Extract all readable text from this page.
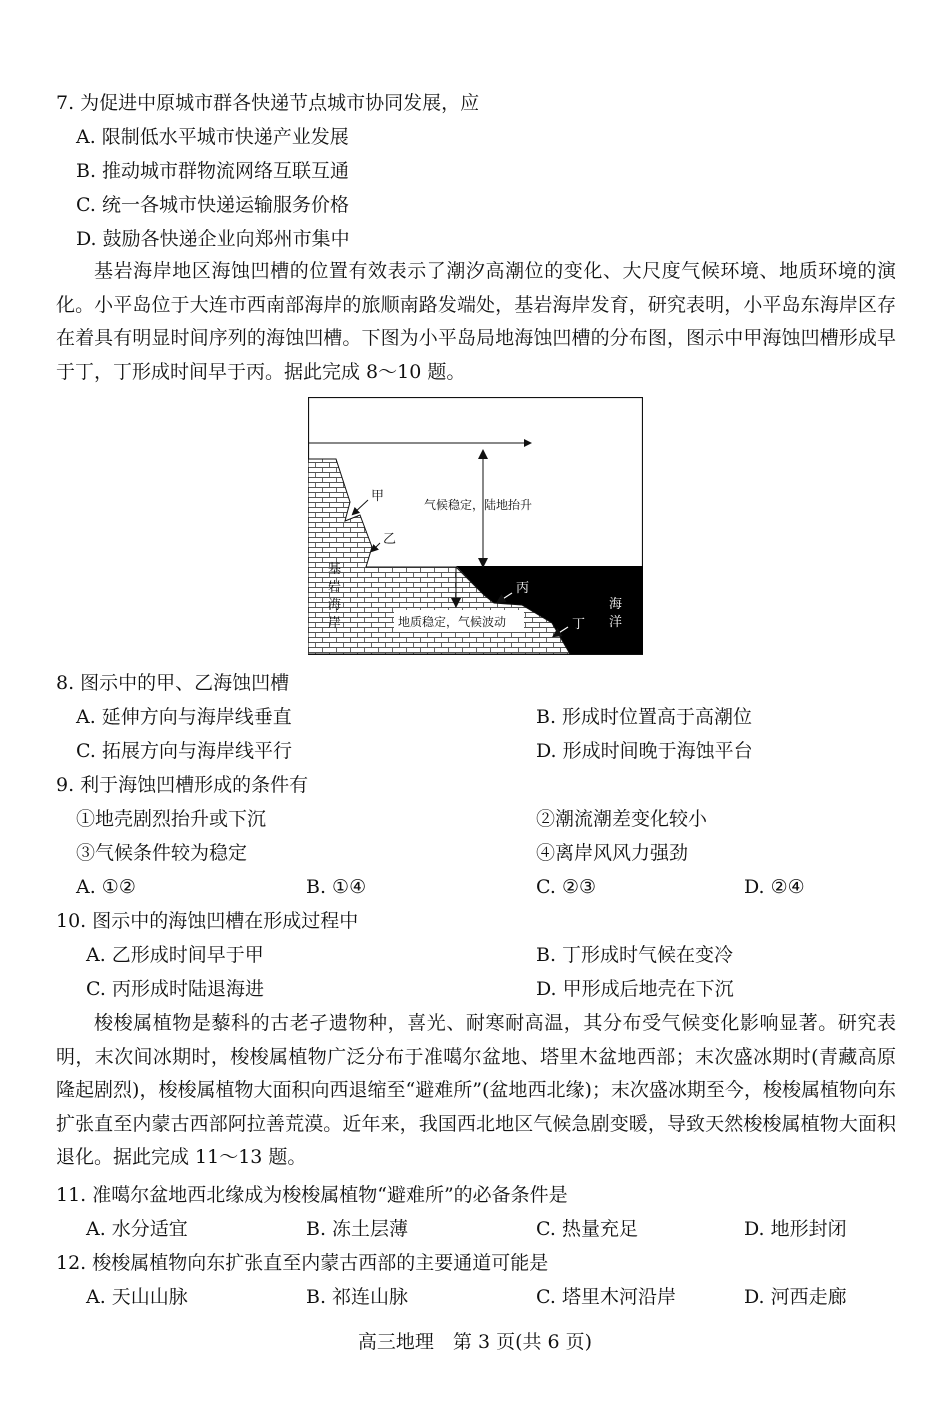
7. 为促进中原城市群各快递节点城市协同发展，应
A. 限制低水平城市快递产业发展
B. 推动城市群物流网络互联互通
C. 统一各城市快递运输服务价格
D. 鼓励各快递企业向郑州市集中
基岩海岸地区海蚀凹槽的位置有效表示了潮汐高潮位的变化、大尺度气候环境、地质环境的演化。小平岛位于大连市西南部海岸的旅顺南路发端处，基岩海岸发育，研究表明，小平岛东海岸区存在着具有明显时间序列的海蚀凹槽。下图为小平岛局地海蚀凹槽的分布图，图示中甲海蚀凹槽形成早于丁，丁形成时间早于丙。据此完成 8～10 题。
甲
乙
丙
丁
基
岩
海
岸
海
洋
气候稳定，陆地抬升
地质稳定，气候波动
8. 图示中的甲、乙海蚀凹槽
A. 延伸方向与海岸线垂直	B. 形成时位置高于高潮位
C. 拓展方向与海岸线平行	D. 形成时间晚于海蚀平台
9. 利于海蚀凹槽形成的条件有
①地壳剧烈抬升或下沉	②潮流潮差变化较小
③气候条件较为稳定	④离岸风风力强劲
A. ①②	B. ①④	C. ②③	D. ②④
10. 图示中的海蚀凹槽在形成过程中
A. 乙形成时间早于甲	B. 丁形成时气候在变冷
C. 丙形成时陆退海进	D. 甲形成后地壳在下沉
梭梭属植物是藜科的古老孑遗物种，喜光、耐寒耐高温，其分布受气候变化影响显著。研究表明，末次间冰期时，梭梭属植物广泛分布于准噶尔盆地、塔里木盆地西部；末次盛冰期时(青藏高原隆起剧烈)，梭梭属植物大面积向西退缩至“避难所”(盆地西北缘)；末次盛冰期至今，梭梭属植物向东扩张直至内蒙古西部阿拉善荒漠。近年来，我国西北地区气候急剧变暖，导致天然梭梭属植物大面积退化。据此完成 11～13 题。
11. 准噶尔盆地西北缘成为梭梭属植物“避难所”的必备条件是
A. 水分适宜	B. 冻土层薄	C. 热量充足	D. 地形封闭
12. 梭梭属植物向东扩张直至内蒙古西部的主要通道可能是
A. 天山山脉	B. 祁连山脉	C. 塔里木河沿岸	D. 河西走廊
高三地理　第 3 页(共 6 页)
